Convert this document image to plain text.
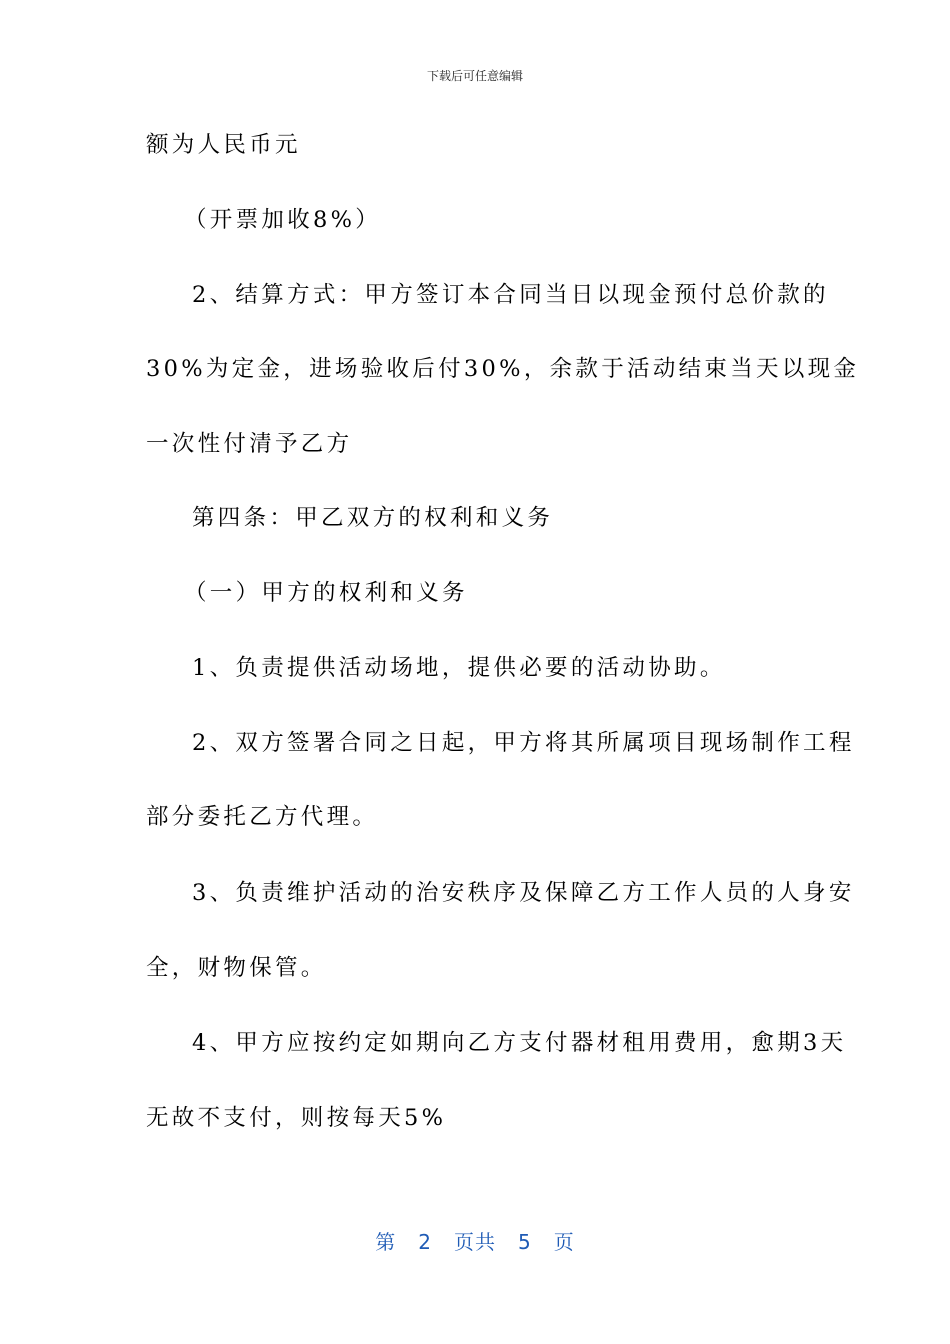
下载后可任意编辑
额为人民币元
（开票加收8%）
2、结算方式：甲方签订本合同当日以现金预付总价款的
30%为定金，进场验收后付30%，余款于活动结束当天以现金
一次性付清予乙方
第四条：甲乙双方的权利和义务
（一）甲方的权利和义务
1、负责提供活动场地，提供必要的活动协助。
2、双方签署合同之日起，甲方将其所属项目现场制作工程
部分委托乙方代理。
3、负责维护活动的治安秩序及保障乙方工作人员的人身安
全，财物保管。
4、甲方应按约定如期向乙方支付器材租用费用，愈期3天
无故不支付，则按每天5%
第 2 页共 5 页
